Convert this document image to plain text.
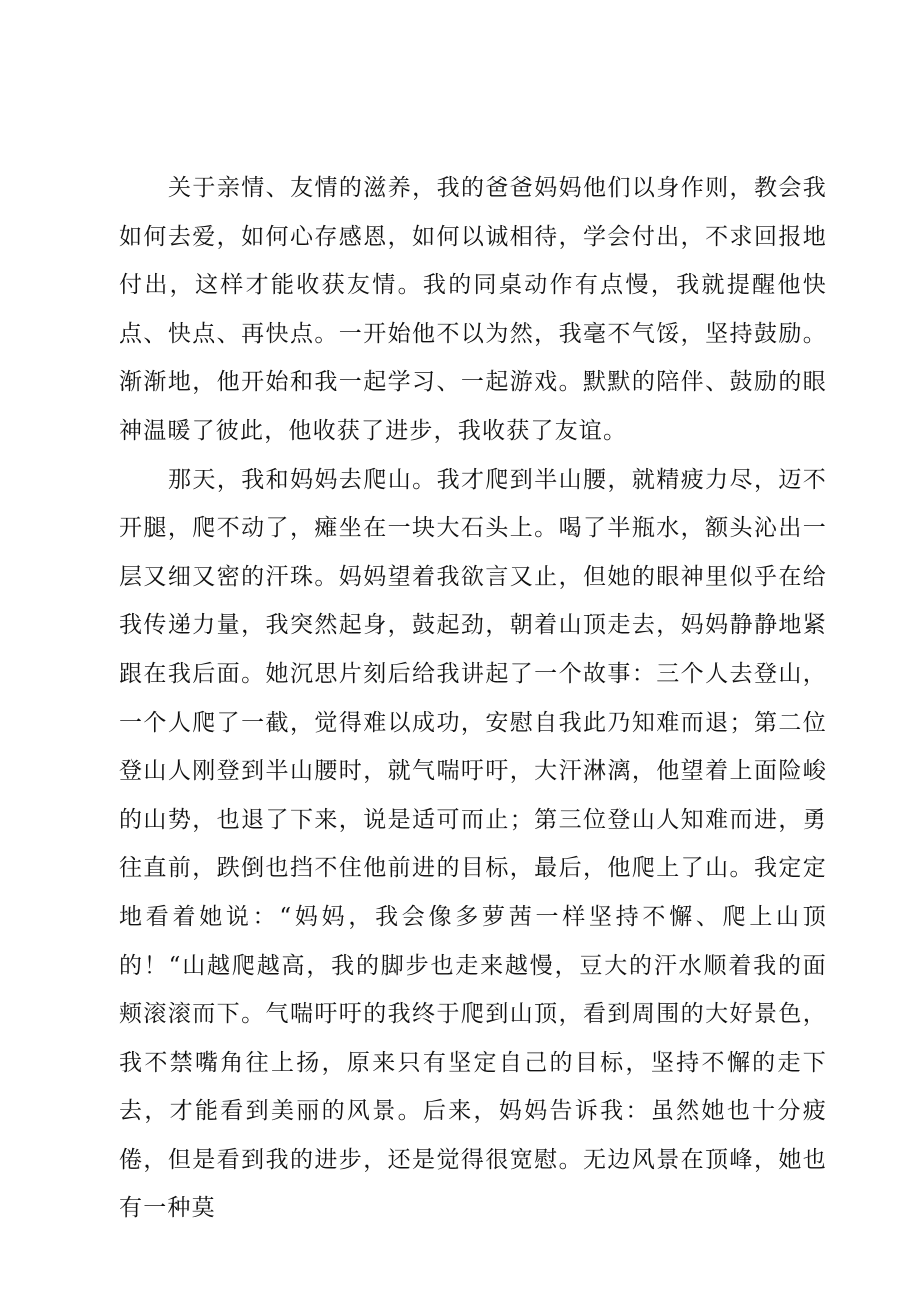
关于亲情、友情的滋养，我的爸爸妈妈他们以身作则，教会我如何去爱，如何心存感恩，如何以诚相待，学会付出，不求回报地付出，这样才能收获友情。我的同桌动作有点慢，我就提醒他快点、快点、再快点。一开始他不以为然，我毫不气馁，坚持鼓励。渐渐地，他开始和我一起学习、一起游戏。默默的陪伴、鼓励的眼神温暖了彼此，他收获了进步，我收获了友谊。

那天，我和妈妈去爬山。我才爬到半山腰，就精疲力尽，迈不开腿，爬不动了，瘫坐在一块大石头上。喝了半瓶水，额头沁出一层又细又密的汗珠。妈妈望着我欲言又止，但她的眼神里似乎在给我传递力量，我突然起身，鼓起劲，朝着山顶走去，妈妈静静地紧跟在我后面。她沉思片刻后给我讲起了一个故事：三个人去登山，一个人爬了一截，觉得难以成功，安慰自我此乃知难而退；第二位登山人刚登到半山腰时，就气喘吁吁，大汗淋漓，他望着上面险峻的山势，也退了下来，说是适可而止；第三位登山人知难而进，勇往直前，跌倒也挡不住他前进的目标，最后，他爬上了山。我定定地看着她说：“妈妈，我会像多萝茜一样坚持不懈、爬上山顶的！“山越爬越高，我的脚步也走来越慢，豆大的汗水顺着我的面颊滚滚而下。气喘吁吁的我终于爬到山顶，看到周围的大好景色，我不禁嘴角往上扬，原来只有坚定自己的目标，坚持不懈的走下去，才能看到美丽的风景。后来，妈妈告诉我：虽然她也十分疲倦，但是看到我的进步，还是觉得很宽慰。无边风景在顶峰，她也有一种莫
